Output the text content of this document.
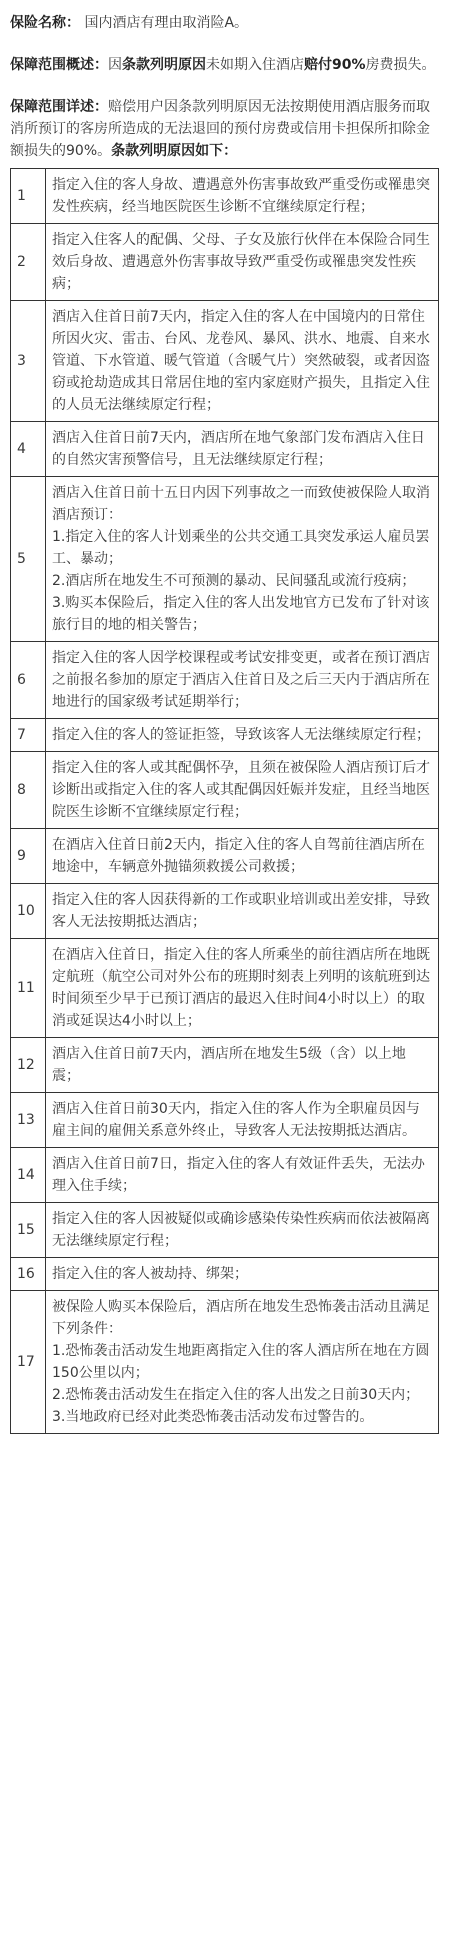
保险名称： 国内酒店有理由取消险A。

保障范围概述：因条款列明原因未如期入住酒店赔付90%房费损失。

保障范围详述：赔偿用户因条款列明原因无法按期使用酒店服务而取消所预订的客房所造成的无法退回的预付房费或信用卡担保所扣除金额损失的90%。条款列明原因如下：

1	指定入住的客人身故、遭遇意外伤害事故致严重受伤或罹患突发性疾病，经当地医院医生诊断不宜继续原定行程；

2	指定入住客人的配偶、父母、子女及旅行伙伴在本保险合同生效后身故、遭遇意外伤害事故导致严重受伤或罹患突发性疾病；

3	酒店入住首日前7天内，指定入住的客人在中国境内的日常住所因火灾、雷击、台风、龙卷风、暴风、洪水、地震、自来水管道、下水管道、暖气管道（含暖气片）突然破裂，或者因盗窃或抢劫造成其日常居住地的室内家庭财产损失，且指定入住的人员无法继续原定行程；

4	酒店入住首日前7天内，酒店所在地气象部门发布酒店入住日的自然灾害预警信号，且无法继续原定行程；

5	酒店入住首日前十五日内因下列事故之一而致使被保险人取消酒店预订：
1.指定入住的客人计划乘坐的公共交通工具突发承运人雇员罢工、暴动；
2.酒店所在地发生不可预测的暴动、民间骚乱或流行疫病；
3.购买本保险后，指定入住的客人出发地官方已发布了针对该旅行目的地的相关警告；

6	指定入住的客人因学校课程或考试安排变更，或者在预订酒店之前报名参加的原定于酒店入住首日及之后三天内于酒店所在地进行的国家级考试延期举行；

7	指定入住的客人的签证拒签，导致该客人无法继续原定行程；

8	指定入住的客人或其配偶怀孕，且须在被保险人酒店预订后才诊断出或指定入住的客人或其配偶因妊娠并发症，且经当地医院医生诊断不宜继续原定行程；

9	在酒店入住首日前2天内，指定入住的客人自驾前往酒店所在地途中，车辆意外抛锚须救援公司救援；

10	指定入住的客人因获得新的工作或职业培训或出差安排，导致客人无法按期抵达酒店；

11	在酒店入住首日，指定入住的客人所乘坐的前往酒店所在地既定航班（航空公司对外公布的班期时刻表上列明的该航班到达时间须至少早于已预订酒店的最迟入住时间4小时以上）的取消或延误达4小时以上；

12	酒店入住首日前7天内，酒店所在地发生5级（含）以上地震；

13	酒店入住首日前30天内，指定入住的客人作为全职雇员因与雇主间的雇佣关系意外终止，导致客人无法按期抵达酒店。

14	酒店入住首日前7日，指定入住的客人有效证件丢失，无法办理入住手续；

15	指定入住的客人因被疑似或确诊感染传染性疾病而依法被隔离无法继续原定行程；

16	指定入住的客人被劫持、绑架；

17	被保险人购买本保险后，酒店所在地发生恐怖袭击活动且满足下列条件：
1.恐怖袭击活动发生地距离指定入住的客人酒店所在地在方圆150公里以内；
2.恐怖袭击活动发生在指定入住的客人出发之日前30天内；
3.当地政府已经对此类恐怖袭击活动发布过警告的。
